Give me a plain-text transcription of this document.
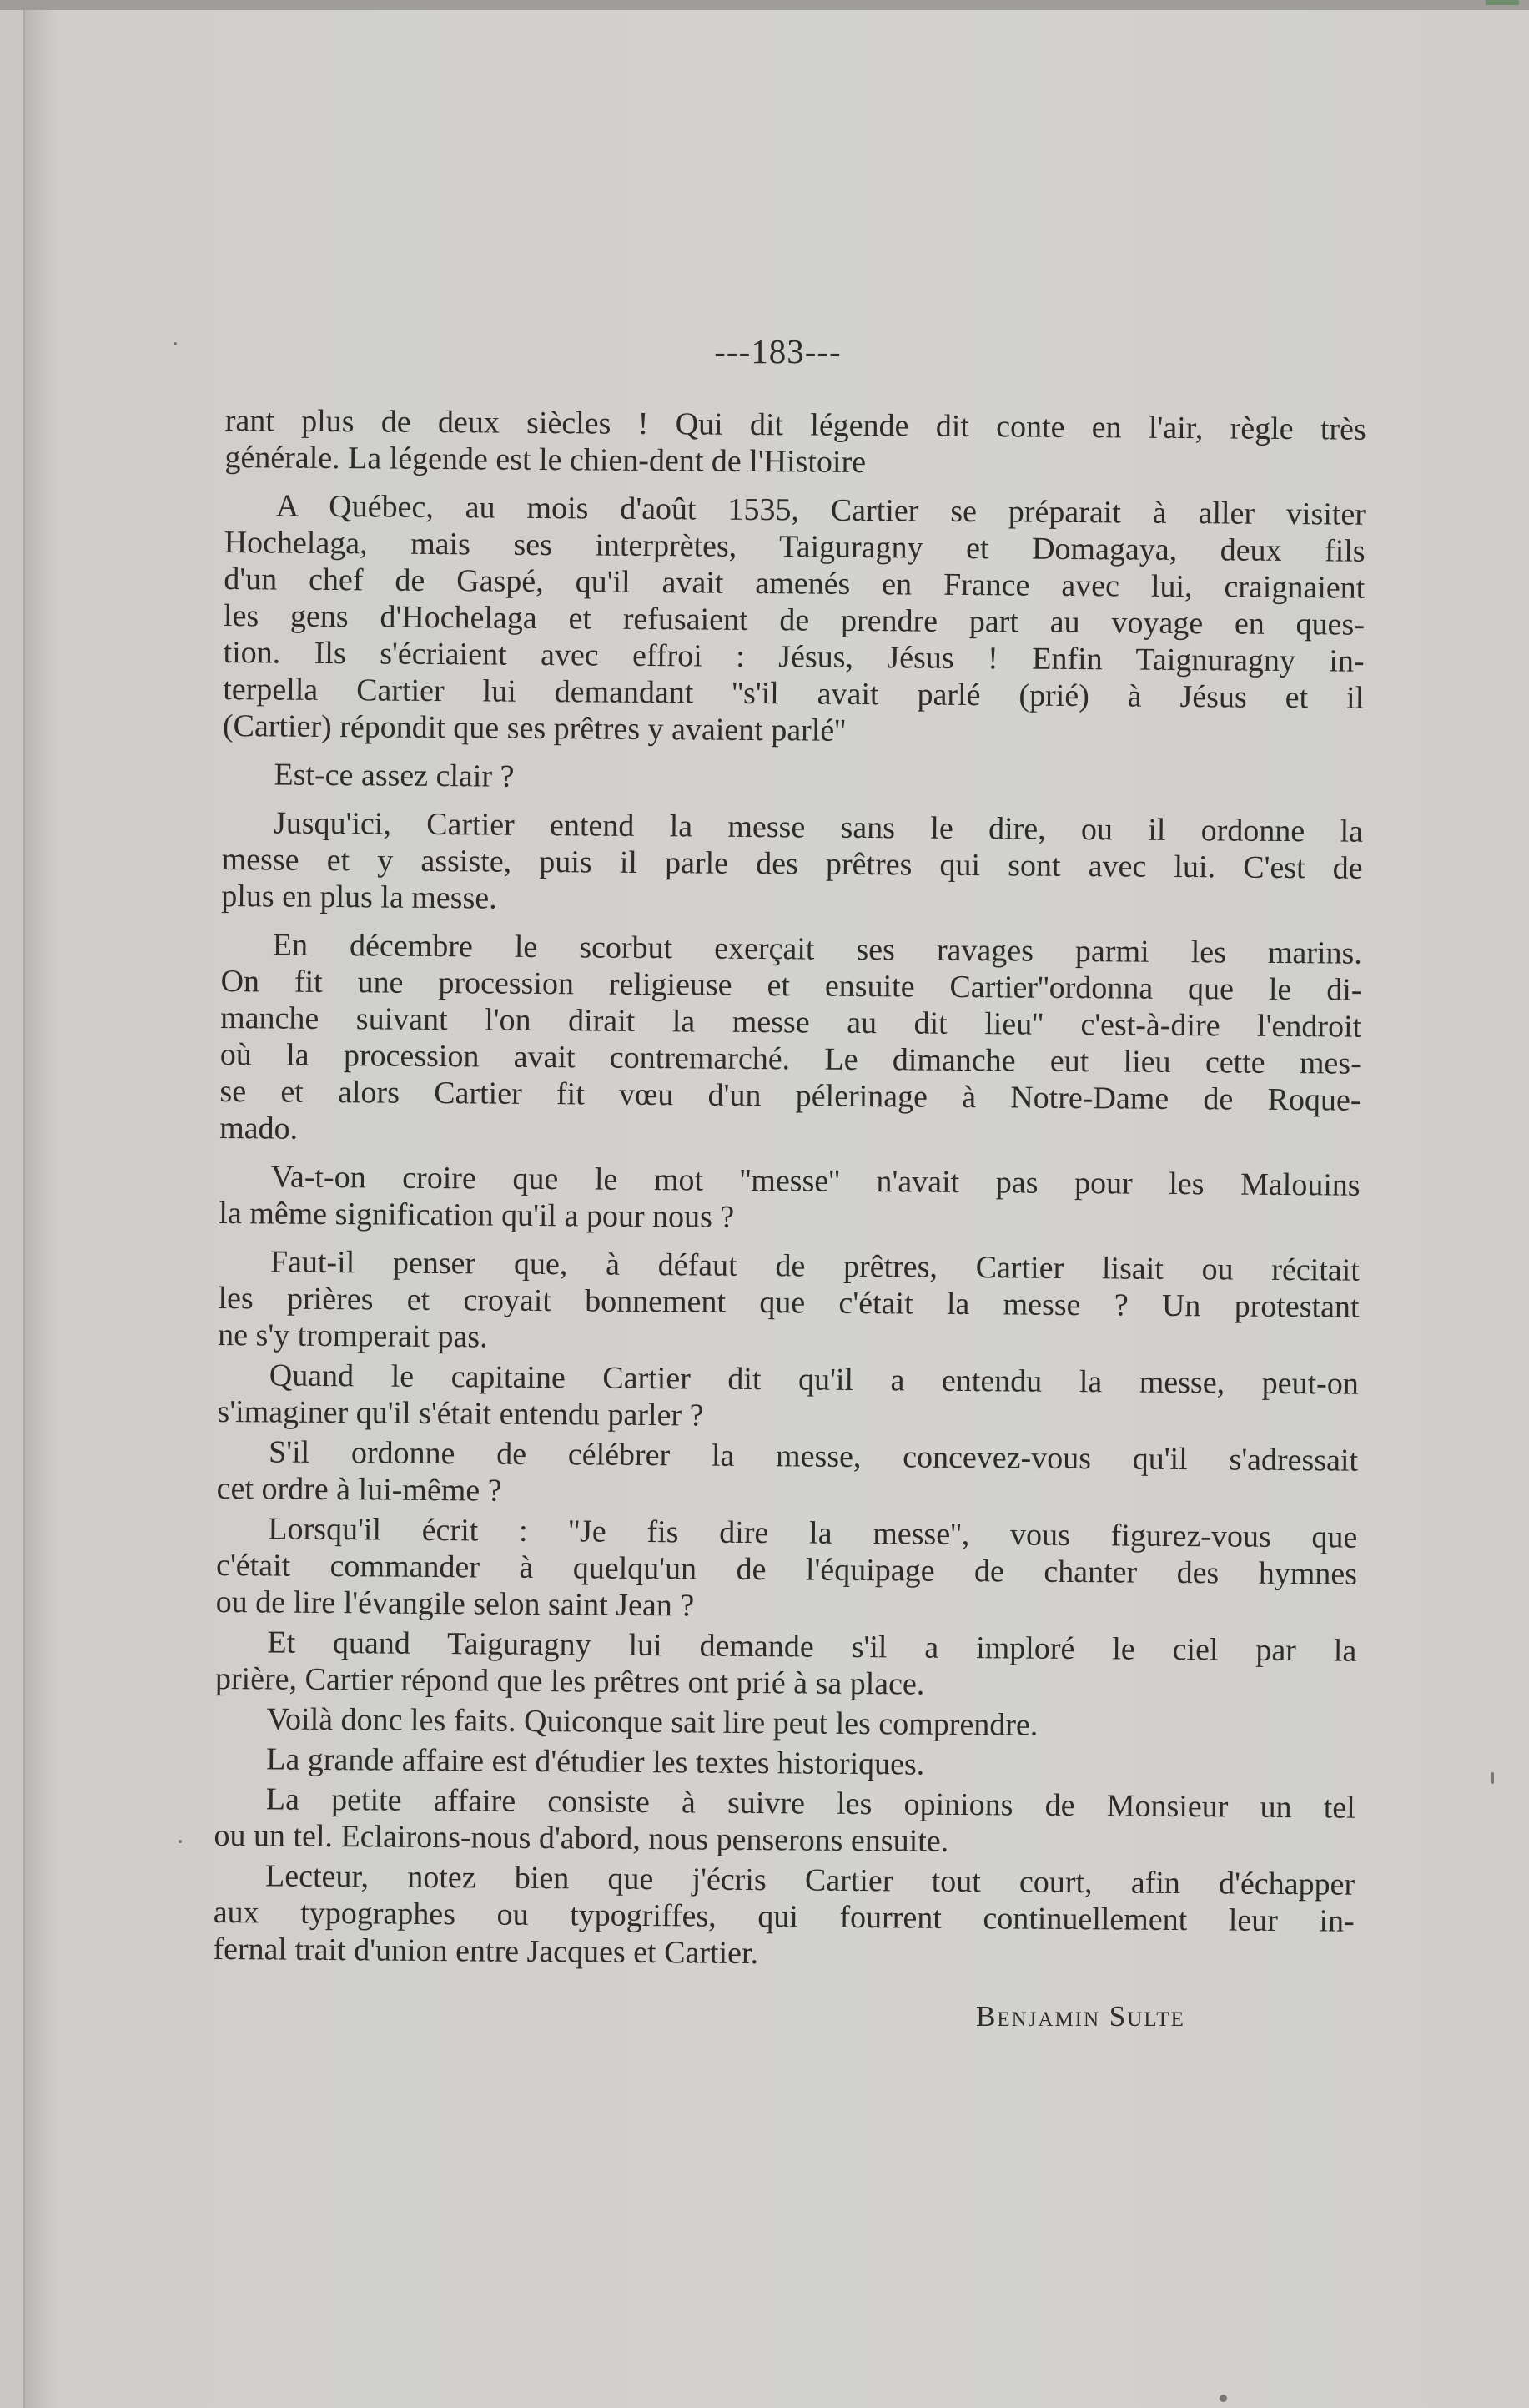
---183---

rant plus de deux siècles ! Qui dit légende dit conte en l'air, règle très
générale. La légende est le chien-dent de l'Histoire

A Québec, au mois d'août 1535, Cartier se préparait à aller visiter
Hochelaga, mais ses interprètes, Taiguragny et Domagaya, deux fils
d'un chef de Gaspé, qu'il avait amenés en France avec lui, craignaient
les gens d'Hochelaga et refusaient de prendre part au voyage en ques-
tion. Ils s'écriaient avec effroi : Jésus, Jésus ! Enfin Taignuragny in-
terpella Cartier lui demandant ''s'il avait parlé (prié) à Jésus et il
(Cartier) répondit que ses prêtres y avaient parlé''

Est-ce assez clair ?

Jusqu'ici, Cartier entend la messe sans le dire, ou il ordonne la
messe et y assiste, puis il parle des prêtres qui sont avec lui. C'est de
plus en plus la messe.

En décembre le scorbut exerçait ses ravages parmi les marins.
On fit une procession religieuse et ensuite Cartier''ordonna que le di-
manche suivant l'on dirait la messe au dit lieu'' c'est-à-dire l'endroit
où la procession avait contremarché. Le dimanche eut lieu cette mes-
se et alors Cartier fit vœu d'un pélerinage à Notre-Dame de Roque-
mado.

Va-t-on croire que le mot ''messe'' n'avait pas pour les Malouins
la même signification qu'il a pour nous ?

Faut-il penser que, à défaut de prêtres, Cartier lisait ou récitait
les prières et croyait bonnement que c'était la messe ? Un protestant
ne s'y tromperait pas.

Quand le capitaine Cartier dit qu'il a entendu la messe, peut-on
s'imaginer qu'il s'était entendu parler ?

S'il ordonne de célébrer la messe, concevez-vous qu'il s'adressait
cet ordre à lui-même ?

Lorsqu'il écrit : ''Je fis dire la messe'', vous figurez-vous que
c'était commander à quelqu'un de l'équipage de chanter des hymnes
ou de lire l'évangile selon saint Jean ?

Et quand Taiguragny lui demande s'il a imploré le ciel par la
prière, Cartier répond que les prêtres ont prié à sa place.

Voilà donc les faits. Quiconque sait lire peut les comprendre.

La grande affaire est d'étudier les textes historiques.

La petite affaire consiste à suivre les opinions de Monsieur un tel
ou un tel. Eclairons-nous d'abord, nous penserons ensuite.

Lecteur, notez bien que j'écris Cartier tout court, afin d'échapper
aux typographes ou typogriffes, qui fourrent continuellement leur in-
fernal trait d'union entre Jacques et Cartier.

Benjamin Sulte
